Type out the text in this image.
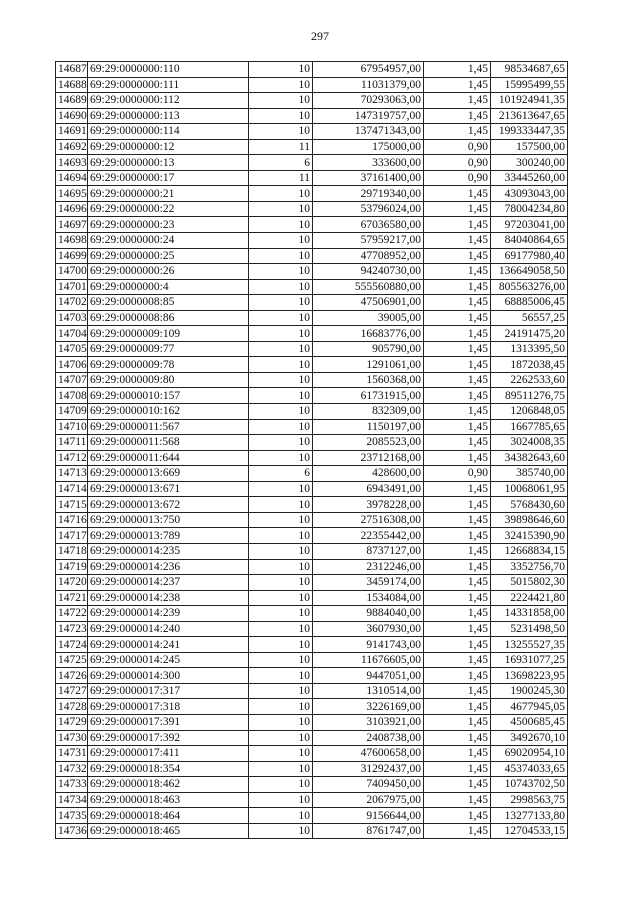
297
14687	69:29:0000000:110	10	67954957,00	1,45	98534687,65
14688	69:29:0000000:111	10	11031379,00	1,45	15995499,55
14689	69:29:0000000:112	10	70293063,00	1,45	101924941,35
14690	69:29:0000000:113	10	147319757,00	1,45	213613647,65
14691	69:29:0000000:114	10	137471343,00	1,45	199333447,35
14692	69:29:0000000:12	11	175000,00	0,90	157500,00
14693	69:29:0000000:13	6	333600,00	0,90	300240,00
14694	69:29:0000000:17	11	37161400,00	0,90	33445260,00
14695	69:29:0000000:21	10	29719340,00	1,45	43093043,00
14696	69:29:0000000:22	10	53796024,00	1,45	78004234,80
14697	69:29:0000000:23	10	67036580,00	1,45	97203041,00
14698	69:29:0000000:24	10	57959217,00	1,45	84040864,65
14699	69:29:0000000:25	10	47708952,00	1,45	69177980,40
14700	69:29:0000000:26	10	94240730,00	1,45	136649058,50
14701	69:29:0000000:4	10	555560880,00	1,45	805563276,00
14702	69:29:0000008:85	10	47506901,00	1,45	68885006,45
14703	69:29:0000008:86	10	39005,00	1,45	56557,25
14704	69:29:0000009:109	10	16683776,00	1,45	24191475,20
14705	69:29:0000009:77	10	905790,00	1,45	1313395,50
14706	69:29:0000009:78	10	1291061,00	1,45	1872038,45
14707	69:29:0000009:80	10	1560368,00	1,45	2262533,60
14708	69:29:0000010:157	10	61731915,00	1,45	89511276,75
14709	69:29:0000010:162	10	832309,00	1,45	1206848,05
14710	69:29:0000011:567	10	1150197,00	1,45	1667785,65
14711	69:29:0000011:568	10	2085523,00	1,45	3024008,35
14712	69:29:0000011:644	10	23712168,00	1,45	34382643,60
14713	69:29:0000013:669	6	428600,00	0,90	385740,00
14714	69:29:0000013:671	10	6943491,00	1,45	10068061,95
14715	69:29:0000013:672	10	3978228,00	1,45	5768430,60
14716	69:29:0000013:750	10	27516308,00	1,45	39898646,60
14717	69:29:0000013:789	10	22355442,00	1,45	32415390,90
14718	69:29:0000014:235	10	8737127,00	1,45	12668834,15
14719	69:29:0000014:236	10	2312246,00	1,45	3352756,70
14720	69:29:0000014:237	10	3459174,00	1,45	5015802,30
14721	69:29:0000014:238	10	1534084,00	1,45	2224421,80
14722	69:29:0000014:239	10	9884040,00	1,45	14331858,00
14723	69:29:0000014:240	10	3607930,00	1,45	5231498,50
14724	69:29:0000014:241	10	9141743,00	1,45	13255527,35
14725	69:29:0000014:245	10	11676605,00	1,45	16931077,25
14726	69:29:0000014:300	10	9447051,00	1,45	13698223,95
14727	69:29:0000017:317	10	1310514,00	1,45	1900245,30
14728	69:29:0000017:318	10	3226169,00	1,45	4677945,05
14729	69:29:0000017:391	10	3103921,00	1,45	4500685,45
14730	69:29:0000017:392	10	2408738,00	1,45	3492670,10
14731	69:29:0000017:411	10	47600658,00	1,45	69020954,10
14732	69:29:0000018:354	10	31292437,00	1,45	45374033,65
14733	69:29:0000018:462	10	7409450,00	1,45	10743702,50
14734	69:29:0000018:463	10	2067975,00	1,45	2998563,75
14735	69:29:0000018:464	10	9156644,00	1,45	13277133,80
14736	69:29:0000018:465	10	8761747,00	1,45	12704533,15
